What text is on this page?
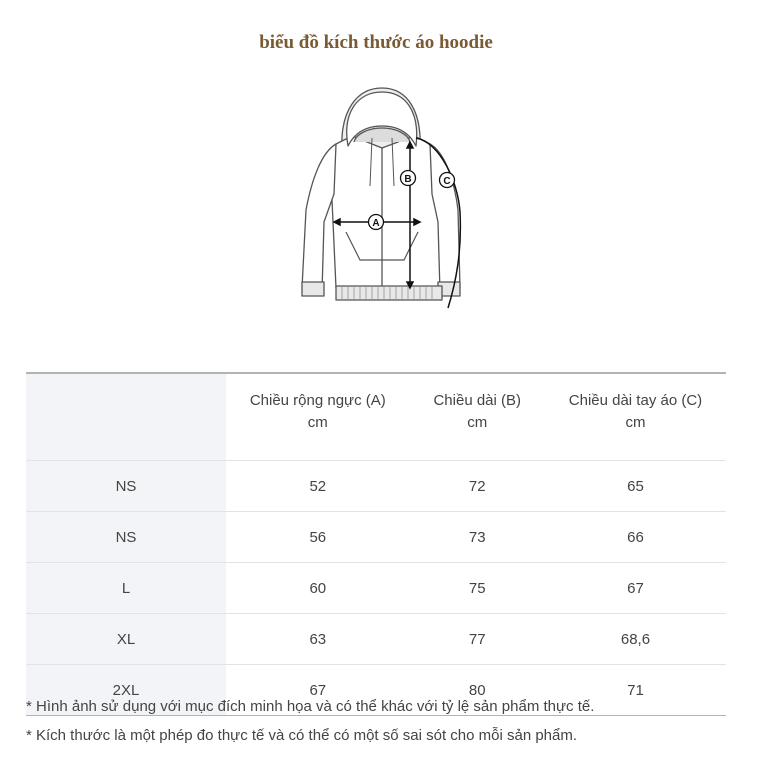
biểu đồ kích thước áo hoodie
A
B	C
	Chiều rộng ngực (A) cm	Chiều dài (B) cm	Chiều dài tay áo (C) cm
NS	52	72	65
NS	56	73	66
L	60	75	67
XL	63	77	68,6
2XL	67	80	71

* Hình ảnh sử dụng với mục đích minh họa và có thể khác với tỷ lệ sản phẩm thực tế.

* Kích thước là một phép đo thực tế và có thể có một số sai sót cho mỗi sản phẩm.
